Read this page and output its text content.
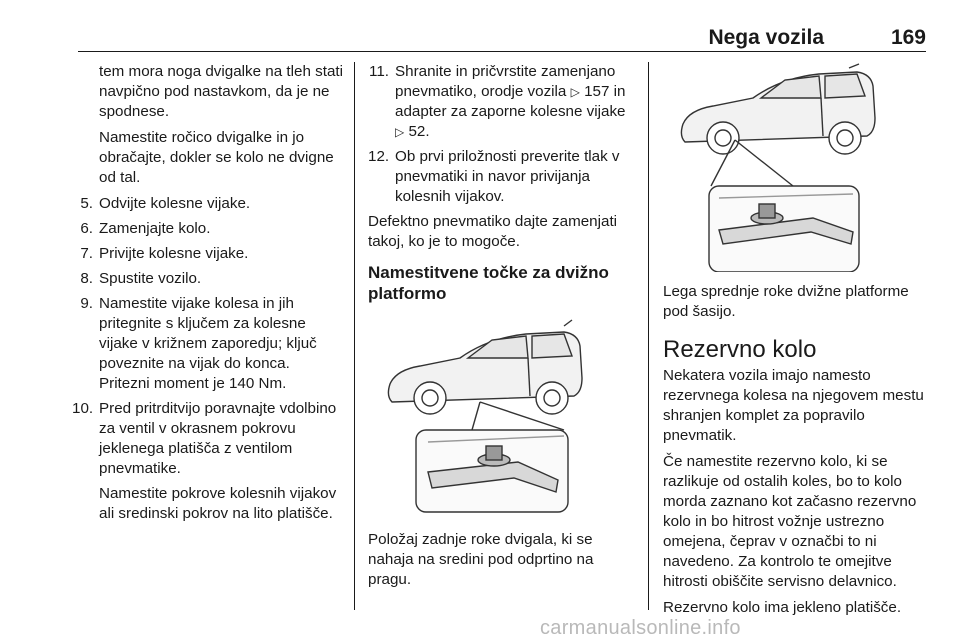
Nega vozila	169

tem mora noga dvigalke na tleh stati navpično pod nastavkom, da je ne spodnese.

Namestite ročico dvigalke in jo obračajte, dokler se kolo ne dvigne od tal.

5. Odvijte kolesne vijake.
6. Zamenjajte kolo.
7. Privijte kolesne vijake.
8. Spustite vozilo.
9. Namestite vijake kolesa in jih pritegnite s ključem za kolesne vijake v križnem zaporedju; ključ poveznite na vijak do konca. Pritezni moment je 140 Nm.
10. Pred pritrditvijo poravnajte vdolbino za ventil v okrasnem pokrovu jeklenega platišča z ventilom pnevmatike.

Namestite pokrove kolesnih vijakov ali sredinski pokrov na lito platišče.

11. Shranite in pričvrstite zamenjano pnevmatiko, orodje vozila ▷ 157 in adapter za zaporne kolesne vijake ▷ 52.
12. Ob prvi priložnosti preverite tlak v pnevmatiki in navor privijanja kolesnih vijakov.

Defektno pnevmatiko dajte zamenjati takoj, ko je to mogoče.

Namestitvene točke za dvižno platformo

Položaj zadnje roke dvigala, ki se nahaja na sredini pod odprtino na pragu.

Lega sprednje roke dvižne platforme pod šasijo.

Rezervno kolo

Nekatera vozila imajo namesto rezervnega kolesa na njegovem mestu shranjen komplet za popravilo pnevmatik.

Če namestite rezervno kolo, ki se razlikuje od ostalih koles, bo to kolo morda zaznano kot začasno rezervno kolo in bo hitrost vožnje ustrezno omejena, čeprav v označbi to ni navedeno. Za kontrolo te omejitve hitrosti obiščite servisno delavnico.

Rezervno kolo ima jekleno platišče.

carmanualsonline.info
